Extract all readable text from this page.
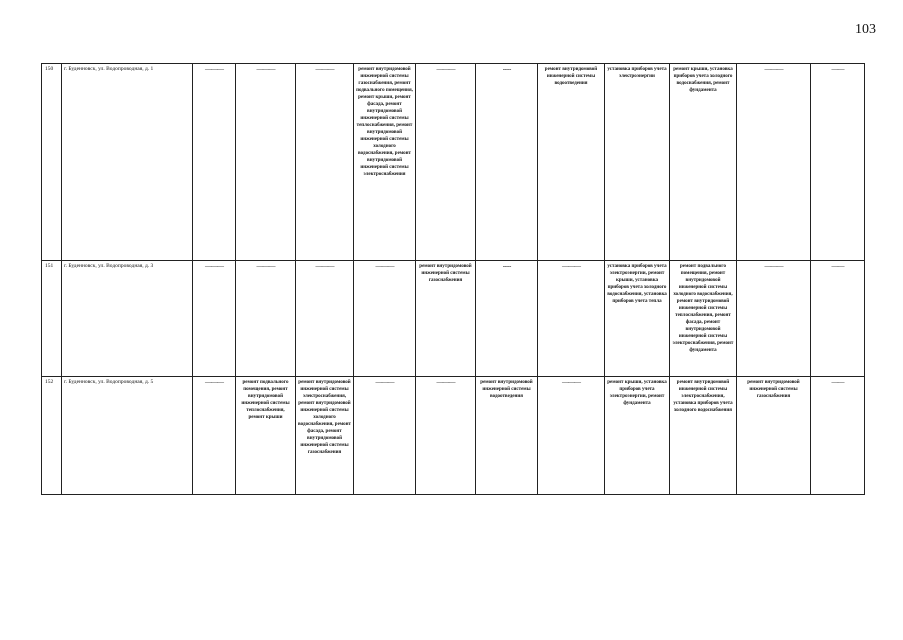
103
150	г. Буденновск, ул. Водопроводная, д. 1	———	———	———	ремонт внутридомовой инженерной системы газоснабжения, ремонт подвального помещения, ремонт крыши, ремонт фасада, ремонт внутридомовой инженерной системы теплоснабжения, ремонт внутридомовой инженерной системы холодного водоснабжения, ремонт внутридомовой инженерной системы электроснабжения	———	- - - -	ремонт внутридомовой инженерной системы водоотведения	установка приборов учета электроэнергии	ремонт крыши, установка приборов учета холодного водоснабжения, ремонт фундамента	———	——
151	г. Буденновск, ул. Водопроводная, д. 3	———	———	———	———	ремонт внутридомовой инженерной системы газоснабжения	- - - -	———	установка приборов учета электроэнергии, ремонт крыши, установка приборов учета холодного водоснабжения, установка приборов учета тепла	ремонт подвального помещения, ремонт внутридомовой инженерной системы холодного водоснабжения, ремонт внутридомовой инженерной системы теплоснабжения, ремонт фасада, ремонт внутридомовой инженерной системы электроснабжения, ремонт фундамента	———	——
152	г. Буденновск, ул. Водопроводная, д. 5	———	ремонт подвального помещения, ремонт внутридомовой инженерной системы теплоснабжения, ремонт крыши	ремонт внутридомовой инженерной системы электроснабжения, ремонт внутридомовой инженерной системы холодного водоснабжения, ремонт фасада, ремонт внутридомовой инженерной системы газоснабжения	———	———	ремонт внутридомовой инженерной системы водоотведения	———	ремонт крыши, установка приборов учета электроэнергии, ремонт фундамента	ремонт внутридомовой инженерной системы электроснабжения, установка приборов учета холодного водоснабжения	ремонт внутридомовой инженерной системы газоснабжения	——
